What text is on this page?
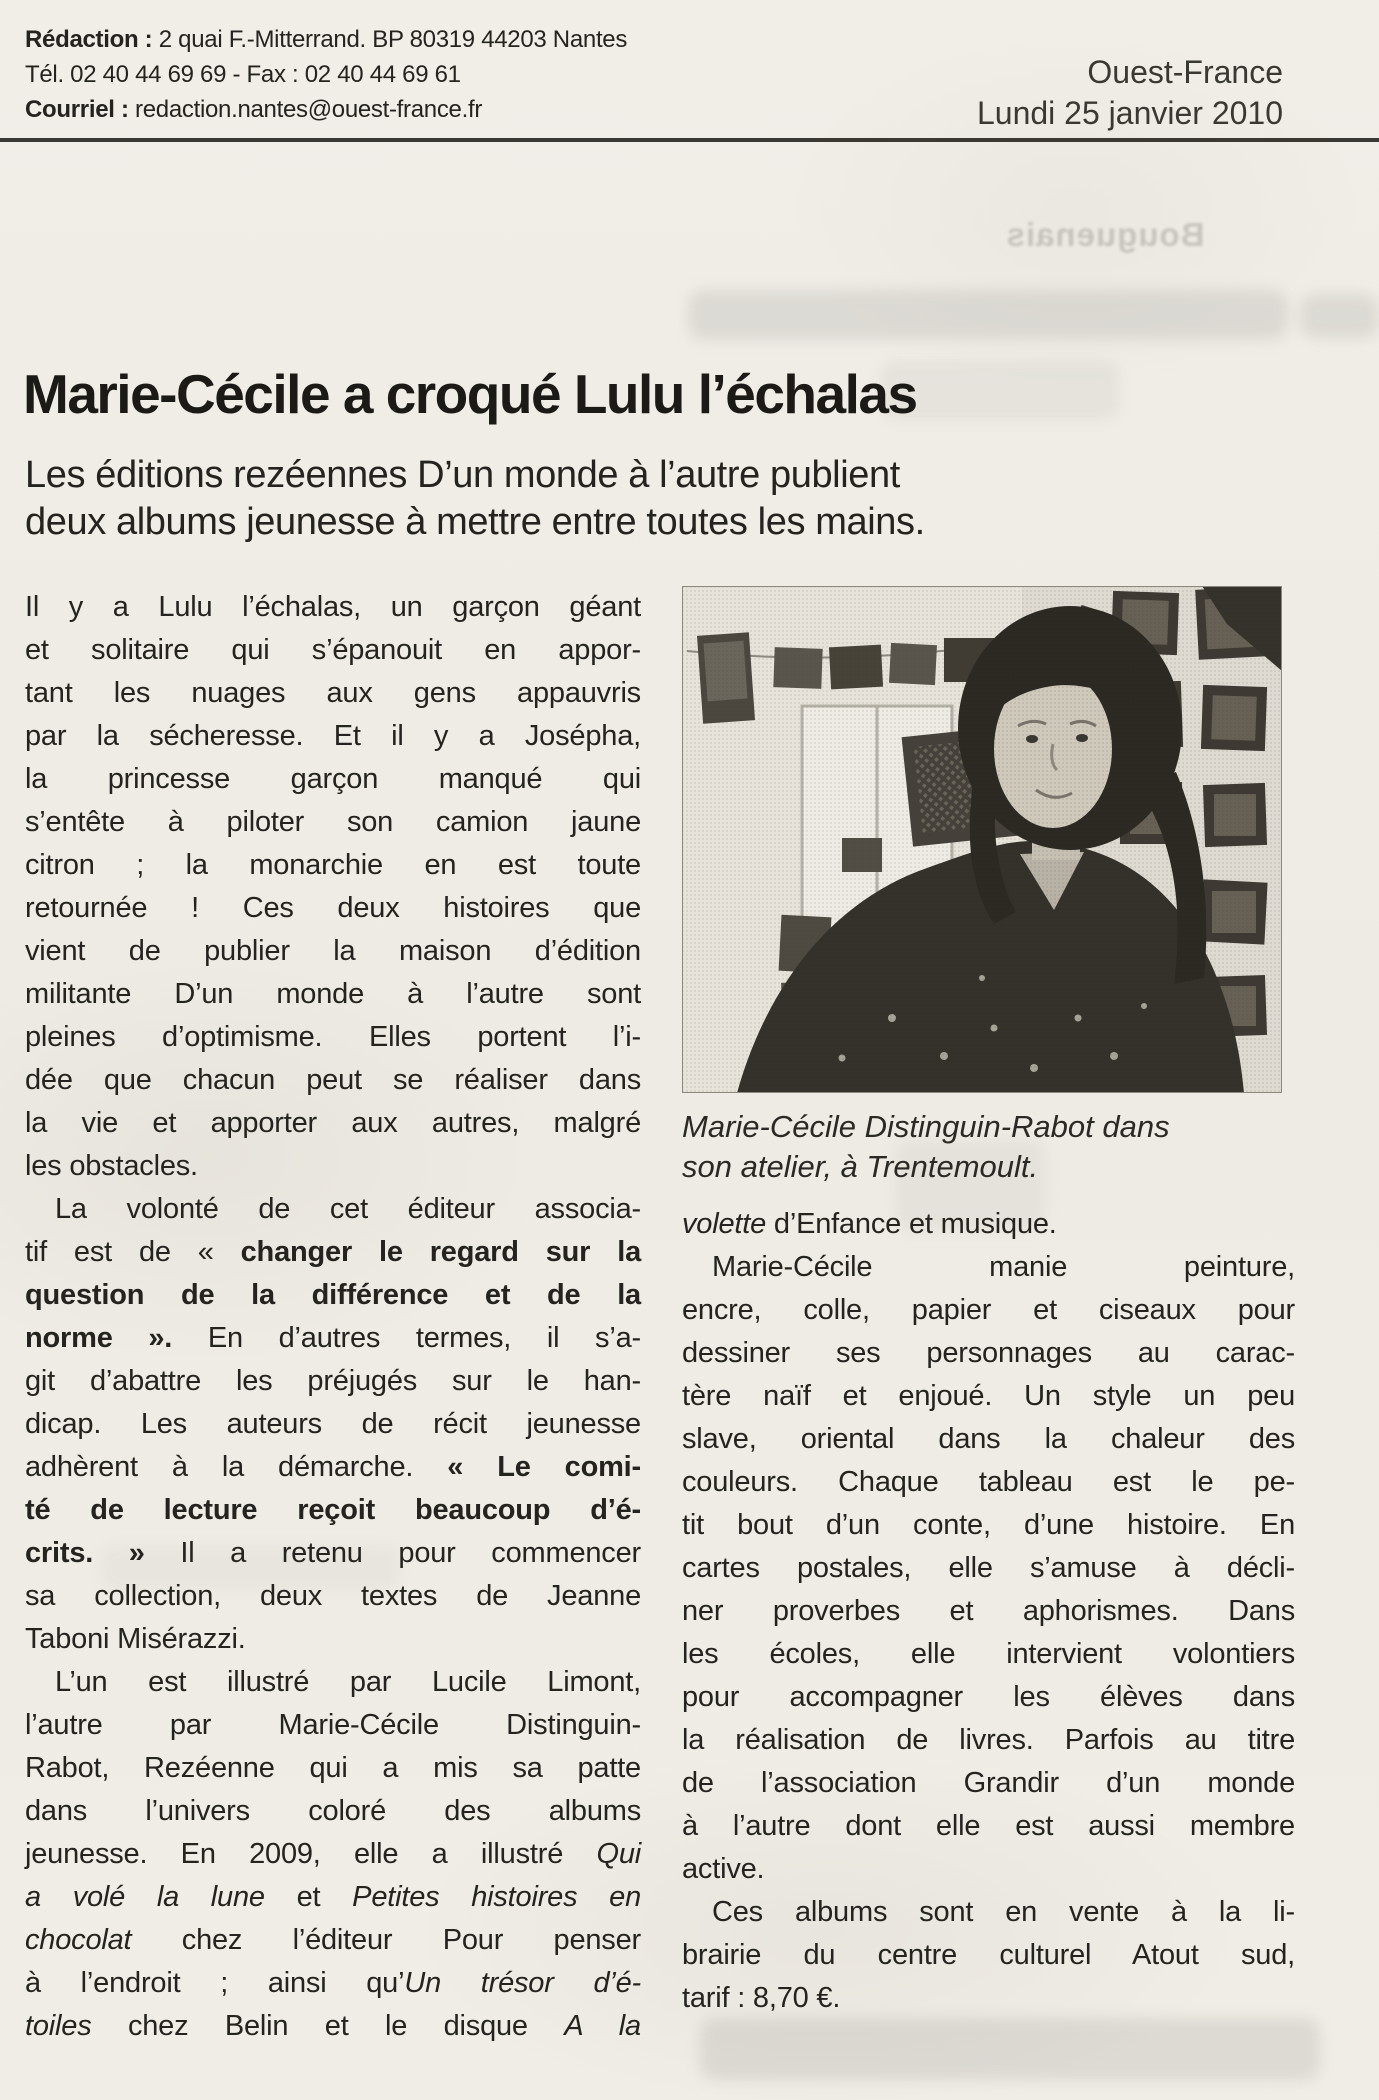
Rédaction : 2 quai F.-Mitterrand. BP 80319 44203 Nantes
Tél. 02 40 44 69 69 - Fax : 02 40 44 69 61
Courriel : redaction.nantes@ouest-france.fr
Ouest-France
Lundi 25 janvier 2010
Bouguenais
Marie-Cécile a croqué Lulu l’échalas
Les éditions rezéennes D’un monde à l’autre publient
deux albums jeunesse à mettre entre toutes les mains.
Il y a Lulu l’échalas, un garçon géant
et solitaire qui s’épanouit en appor-
tant les nuages aux gens appauvris
par la sécheresse. Et il y a Josépha,
la princesse garçon manqué qui
s’entête à piloter son camion jaune
citron ; la monarchie en est toute
retournée ! Ces deux histoires que
vient de publier la maison d’édition
militante D’un monde à l’autre sont
pleines d’optimisme. Elles portent l’i-
dée que chacun peut se réaliser dans
la vie et apporter aux autres, malgré
les obstacles.
La volonté de cet éditeur associa-
tif est de « changer le regard sur la
question de la différence et de la
norme ». En d’autres termes, il s’a-
git d’abattre les préjugés sur le han-
dicap. Les auteurs de récit jeunesse
adhèrent à la démarche. « Le comi-
té de lecture reçoit beaucoup d’é-
crits. » Il a retenu pour commencer
sa collection, deux textes de Jeanne
Taboni Misérazzi.
L’un est illustré par Lucile Limont,
l’autre par Marie-Cécile Distinguin-
Rabot, Rezéenne qui a mis sa patte
dans l’univers coloré des albums
jeunesse. En 2009, elle a illustré Qui
a volé la lune et Petites histoires en
chocolat chez l’éditeur Pour penser
à l’endroit ; ainsi qu’Un trésor d’é-
toiles chez Belin et le disque A la
Marie-Cécile Distinguin-Rabot dans
son atelier, à Trentemoult.
volette d’Enfance et musique.
Marie-Cécile manie peinture,
encre, colle, papier et ciseaux pour
dessiner ses personnages au carac-
tère naïf et enjoué. Un style un peu
slave, oriental dans la chaleur des
couleurs. Chaque tableau est le pe-
tit bout d’un conte, d’une histoire. En
cartes postales, elle s’amuse à décli-
ner proverbes et aphorismes. Dans
les écoles, elle intervient volontiers
pour accompagner les élèves dans
la réalisation de livres. Parfois au titre
de l’association Grandir d’un monde
à l’autre dont elle est aussi membre
active.
Ces albums sont en vente à la li-
brairie du centre culturel Atout sud,
tarif : 8,70 €.
